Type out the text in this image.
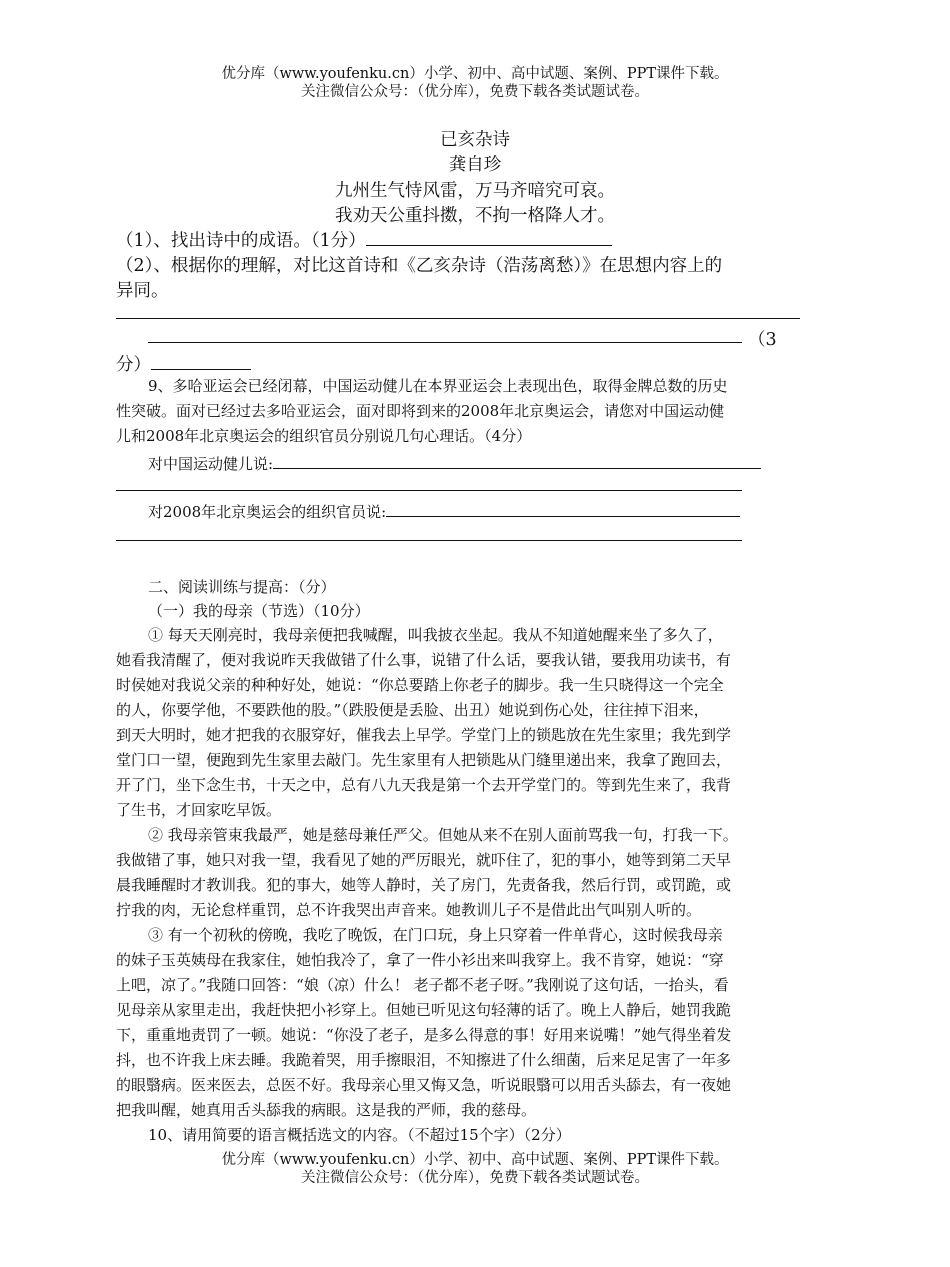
优分库（www.youfenku.cn）小学、初中、高中试题、案例、PPT课件下载。
关注微信公众号：（优分库），免费下载各类试题试卷。
已亥杂诗
龚自珍
九州生气恃风雷，万马齐喑究可哀。
我劝天公重抖擞，不拘一格降人才。
（1）、找出诗中的成语。（1分）
（2）、根据你的理解，对比这首诗和《乙亥杂诗（浩荡离愁）》在思想内容上的
异同。
（3
分）
9、多哈亚运会已经闭幕，中国运动健儿在本界亚运会上表现出色，取得金牌总数的历史
性突破。面对已经过去多哈亚运会，面对即将到来的2008年北京奥运会，请您对中国运动健
儿和2008年北京奥运会的组织官员分别说几句心理话。（4分）
对中国运动健儿说:
对2008年北京奥运会的组织官员说:
二、阅读训练与提高：（分）
（一）我的母亲（节选）（10分）
① 每天天刚亮时，我母亲便把我喊醒，叫我披衣坐起。我从不知道她醒来坐了多久了，
她看我清醒了，便对我说昨天我做错了什么事，说错了什么话，要我认错，要我用功读书，有
时侯她对我说父亲的种种好处，她说：“你总要踏上你老子的脚步。我一生只晓得这一个完全
的人，你要学他，不要跌他的股。”（跌股便是丢脸、出丑）她说到伤心处，往往掉下泪来，
到天大明时，她才把我的衣服穿好，催我去上早学。学堂门上的锁匙放在先生家里；我先到学
堂门口一望，便跑到先生家里去敲门。先生家里有人把锁匙从门缝里递出来，我拿了跑回去，
开了门，坐下念生书，十天之中，总有八九天我是第一个去开学堂门的。等到先生来了，我背
了生书，才回家吃早饭。
② 我母亲管束我最严，她是慈母兼任严父。但她从来不在别人面前骂我一句，打我一下。
我做错了事，她只对我一望，我看见了她的严厉眼光，就吓住了，犯的事小，她等到第二天早
晨我睡醒时才教训我。犯的事大，她等人静时，关了房门，先责备我，然后行罚，或罚跪，或
拧我的肉，无论怠样重罚，总不许我哭出声音来。她教训儿子不是借此出气叫别人听的。
③ 有一个初秋的傍晚，我吃了晚饭，在门口玩，身上只穿着一件单背心，这时候我母亲
的妹子玉英姨母在我家住，她怕我冷了，拿了一件小衫出来叫我穿上。我不肯穿，她说：“穿
上吧，凉了。”我随口回答：“娘（凉）什么！ 老子都不老子呀。”我刚说了这句话，一抬头，看
见母亲从家里走出，我赶快把小衫穿上。但她已听见这句轻薄的话了。晚上人静后，她罚我跪
下，重重地责罚了一顿。她说：“你没了老子，是多么得意的事！好用来说嘴！”她气得坐着发
抖，也不许我上床去睡。我跪着哭，用手擦眼泪，不知擦进了什么细菌，后来足足害了一年多
的眼翳病。医来医去，总医不好。我母亲心里又悔又急，听说眼翳可以用舌头舔去，有一夜她
把我叫醒，她真用舌头舔我的病眼。这是我的严师，我的慈母。
10、请用简要的语言概括选文的内容。（不超过15个字）（2分）
优分库（www.youfenku.cn）小学、初中、高中试题、案例、PPT课件下载。
关注微信公众号：（优分库），免费下载各类试题试卷。
